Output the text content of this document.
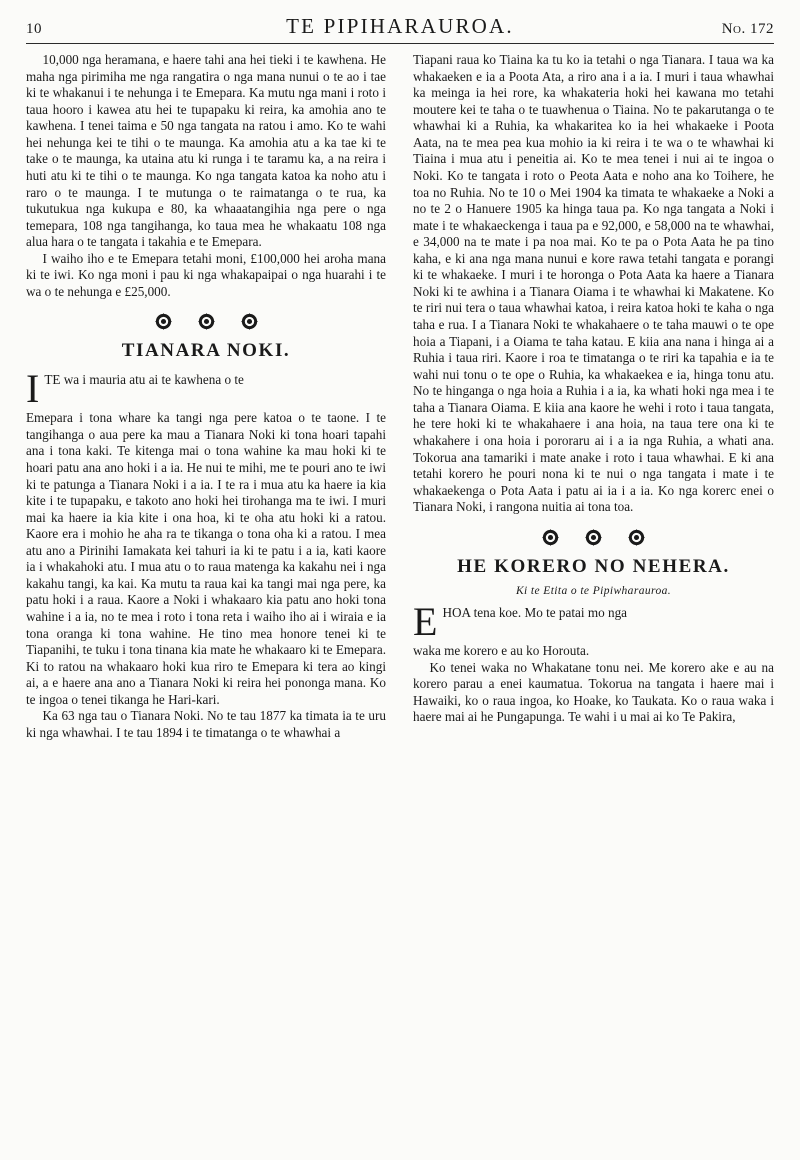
10	TE PIPIHARAUROA.	No. 172

10,000 nga heramana, e haere tahi ana hei tieki i te kawhena. He maha nga pirimiha me nga rangatira o nga mana nunui o te ao i tae ki te whakanui i te nehunga i te Emepara. Ka mutu nga mani i roto i taua hooro i kawea atu hei te tupapaku ki reira, ka amohia ano te kawhena. I tenei taima e 50 nga tangata na ratou i amo. Ko te wahi hei nehunga kei te tihi o te maunga. Ka amohia atu a ka tae ki te take o te maunga, ka utaina atu ki runga i te taramu ka, a na reira i huti atu ki te tihi o te maunga. Ko nga tangata katoa ka noho atu i raro o te maunga. I te mutunga o te raimatanga o te rua, ka tukutukua nga kukupa e 80, ka whaaatangihia nga pere o nga temepara, 108 nga tangihanga, ko taua mea he whakaatu 108 nga alua hara o te tangata i takahia e te Emepara.

I waiho iho e te Emepara tetahi moni, £100,000 hei aroha mana ki te iwi. Ko nga moni i pau ki nga whakapaipai o nga huarahi i te wa o te nehunga e £25,000.

TIANARA NOKI.

ITE wa i mauria atu ai te kawhena o te

Emepara i tona whare ka tangi nga pere katoa o te taone. I te tangihanga o aua pere ka mau a Tianara Noki ki tona hoari tapahi ana i tona kaki. Te kitenga mai o tona wahine ka mau hoki ki te hoari patu ana ano hoki i a ia. He nui te mihi, me te pouri ano te iwi ki te patunga a Tianara Noki i a ia. I te ra i mua atu ka haere ia kia kite i te tupapaku, e takoto ano hoki hei tirohanga ma te iwi. I muri mai ka haere ia kia kite i ona hoa, ki te oha atu hoki ki a ratou. Kaore era i mohio he aha ra te tikanga o tona oha ki a ratou. I mea atu ano a Pirinihi Iamakata kei tahuri ia ki te patu i a ia, kati kaore ia i whakahoki atu. I mua atu o to raua matenga ka kakahu nei i nga kakahu tangi, ka kai. Ka mutu ta raua kai ka tangi mai nga pere, ka patu hoki i a raua. Kaore a Noki i whakaaro kia patu ano hoki tona wahine i a ia, no te mea i roto i tona reta i waiho iho ai i wiraia e ia tona oranga ki tona wahine. He tino mea honore tenei ki te Tiapanihi, te tuku i tona tinana kia mate he whakaaro ki te Emepara. Ki to ratou na whakaaro hoki kua riro te Emepara ki tera ao kingi ai, a e haere ana ano a Tianara Noki ki reira hei pononga mana. Ko te ingoa o tenei tikanga he Hari-kari.

Ka 63 nga tau o Tianara Noki. No te tau 1877 ka timata ia te uru ki nga whawhai. I te tau 1894 i te timatanga o te whawhai a

Tiapani raua ko Tiaina ka tu ko ia tetahi o nga Tianara. I taua wa ka whakaeken e ia a Poota Ata, a riro ana i a ia. I muri i taua whawhai ka meinga ia hei rore, ka whakateria hoki hei kawana mo tetahi moutere kei te taha o te tuawhenua o Tiaina. No te pakarutanga o te whawhai ki a Ruhia, ka whakaritea ko ia hei whakaeke i Poota Aata, na te mea pea kua mohio ia ki reira i te wa o te whawhai ki Tiaina i mua atu i peneitia ai. Ko te mea tenei i nui ai te ingoa o Noki. Ko te tangata i roto o Peota Aata e noho ana ko Toihere, he toa no Ruhia. No te 10 o Mei 1904 ka timata te whakaeke a Noki a no te 2 o Hanuere 1905 ka hinga taua pa. Ko nga tangata a Noki i mate i te whakaeckenga i taua pa e 92,000, e 58,000 na te whawhai, e 34,000 na te mate i pa noa mai. Ko te pa o Pota Aata he pa tino kaha, e ki ana nga mana nunui e kore rawa tetahi tangata e porangi ki te whakaeke. I muri i te horonga o Pota Aata ka haere a Tianara Noki ki te awhina i a Tianara Oiama i te whawhai ki Makatene. Ko te riri nui tera o taua whawhai katoa, i reira katoa hoki te kaha o nga taha e rua. I a Tianara Noki te whakahaere o te taha mauwi o te ope hoia a Tiapani, i a Oiama te taha katau. E kiia ana nana i hinga ai a Ruhia i taua riri. Kaore i roa te timatanga o te riri ka tapahia e ia te wahi nui tonu o te ope o Ruhia, ka whakaekea e ia, hinga tonu atu. No te hinganga o nga hoia a Ruhia i a ia, ka whati hoki nga mea i te taha a Tianara Oiama. E kiia ana kaore he wehi i roto i taua tangata, he tere hoki ki te whakahaere i ana hoia, na taua tere ona ki te whakahere i ona hoia i pororaru ai i a ia nga Ruhia, a whati ana. Tokorua ana tamariki i mate anake i roto i taua whawhai. E ki ana tetahi korero he pouri nona ki te nui o nga tangata i mate i te whakaekenga o Pota Aata i patu ai ia i a ia. Ko nga korerc enei o Tianara Noki, i rangona nuitia ai tona toa.

HE KORERO NO NEHERA.
Ki te Etita o te Pipiwharauroa.

EHOA tena koe. Mo te patai mo nga

waka me korero e au ko Horouta.

Ko tenei waka no Whakatane tonu nei. Me korero ake e au na korero parau a enei kaumatua. Tokorua na tangata i haere mai i Hawaiki, ko o raua ingoa, ko Hoake, ko Taukata. Ko o raua waka i haere mai ai he Pungapunga. Te wahi i u mai ai ko Te Pakira,
